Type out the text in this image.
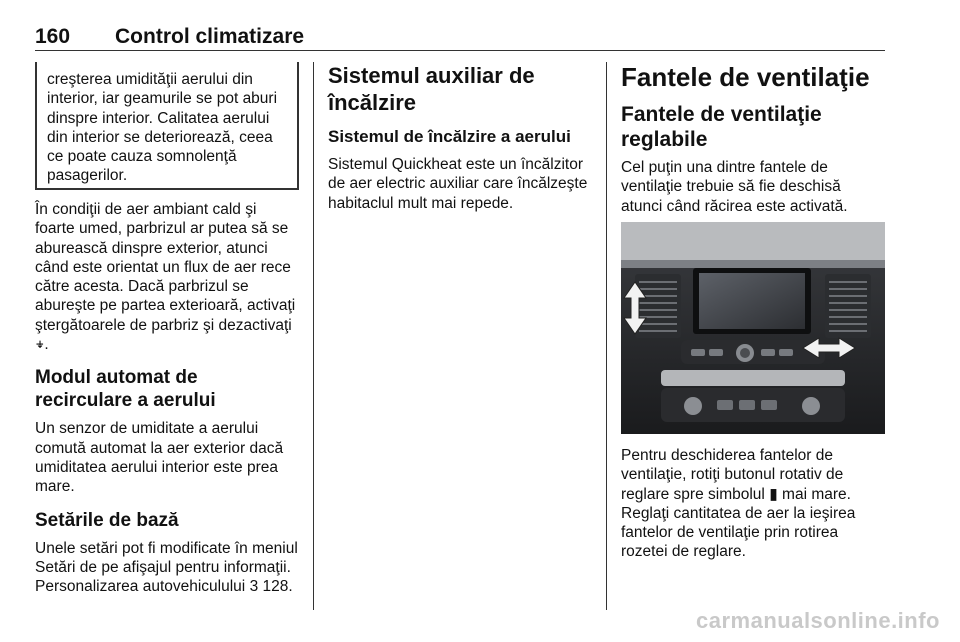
160 Control climatizare

creşterea umidităţii aerului din interior, iar geamurile se pot aburi dinspre interior. Calitatea aerului din interior se deteriorează, ceea ce poate cauza somnolenţă pasagerilor.

În condiţii de aer ambiant cald şi foarte umed, parbrizul ar putea să se aburească dinspre exterior, atunci când este orientat un flux de aer rece către acesta. Dacă parbrizul se abureşte pe partea exterioară, activaţi ştergătoarele de parbriz şi dezactivaţi ⍖.

Modul automat de recirculare a aerului

Un senzor de umiditate a aerului comută automat la aer exterior dacă umiditatea aerului interior este prea mare.

Setările de bază

Unele setări pot fi modificate în meniul Setări de pe afişajul pentru informaţii. Personalizarea autovehiculului 3 128.

Sistemul auxiliar de încălzire

Sistemul de încălzire a aerului

Sistemul Quickheat este un încălzitor de aer electric auxiliar care încălzeşte habitaclul mult mai repede.

Fantele de ventilaţie

Fantele de ventilaţie reglabile

Cel puţin una dintre fantele de ventilaţie trebuie să fie deschisă atunci când răcirea este activată.

Pentru deschiderea fantelor de ventilaţie, rotiţi butonul rotativ de reglare spre simbolul ▮ mai mare. Reglaţi cantitatea de aer la ieşirea fantelor de ventilaţie prin rotirea rozetei de reglare.

carmanualsonline.info
